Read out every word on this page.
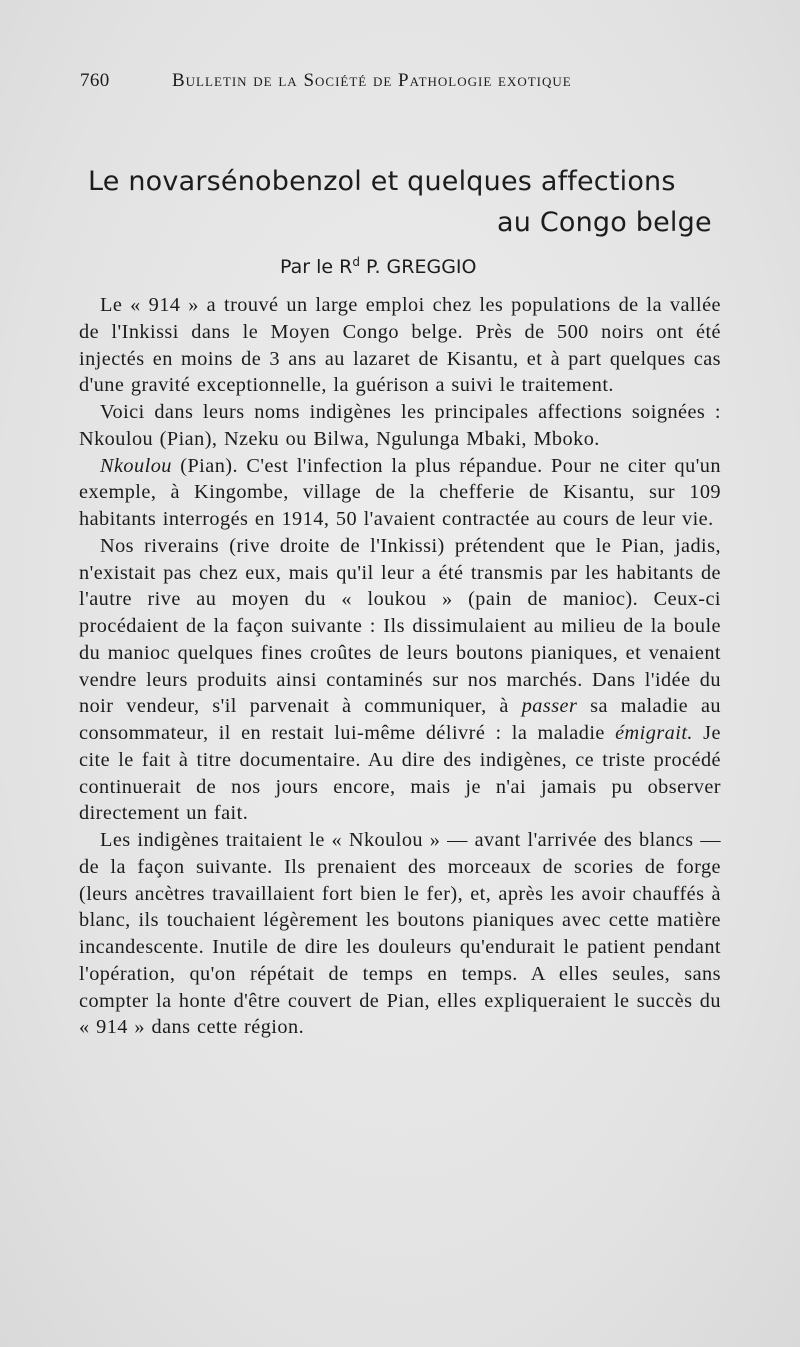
760	Bulletin de la Société de Pathologie exotique
Le novarsénobenzol et quelques affections
au Congo belge
Par le $R^d$ P. GREGGIO

Le « 914 » a trouvé un large emploi chez les populations de la vallée de l'Inkissi dans le Moyen Congo belge. Près de 500 noirs ont été injectés en moins de 3 ans au lazaret de Kisantu, et à part quelques cas d'une gravité exceptionnelle, la guérison a suivi le traitement.

Voici dans leurs noms indigènes les principales affections soignées : Nkoulou (Pian), Nzeku ou Bilwa, Ngulunga Mbaki, Mboko.

Nkoulou (Pian). C'est l'infection la plus répandue. Pour ne citer qu'un exemple, à Kingombe, village de la chefferie de Kisantu, sur 109 habitants interrogés en 1914, 50 l'avaient contractée au cours de leur vie.

Nos riverains (rive droite de l'Inkissi) prétendent que le Pian, jadis, n'existait pas chez eux, mais qu'il leur a été transmis par les habitants de l'autre rive au moyen du « loukou » (pain de manioc). Ceux-ci procédaient de la façon suivante : Ils dissimulaient au milieu de la boule du manioc quelques fines croûtes de leurs boutons pianiques, et venaient vendre leurs produits ainsi contaminés sur nos marchés. Dans l'idée du noir vendeur, s'il parvenait à communiquer, à passer sa maladie au consommateur, il en restait lui-même délivré : la maladie émigrait. Je cite le fait à titre documentaire. Au dire des indigènes, ce triste procédé continuerait de nos jours encore, mais je n'ai jamais pu observer directement un fait.

Les indigènes traitaient le « Nkoulou » — avant l'arrivée des blancs — de la façon suivante. Ils prenaient des morceaux de scories de forge (leurs ancètres travaillaient fort bien le fer), et, après les avoir chauffés à blanc, ils touchaient légèrement les boutons pianiques avec cette matière incandescente. Inutile de dire les douleurs qu'endurait le patient pendant l'opération, qu'on répétait de temps en temps. A elles seules, sans compter la honte d'être couvert de Pian, elles expliqueraient le succès du « 914 » dans cette région.
